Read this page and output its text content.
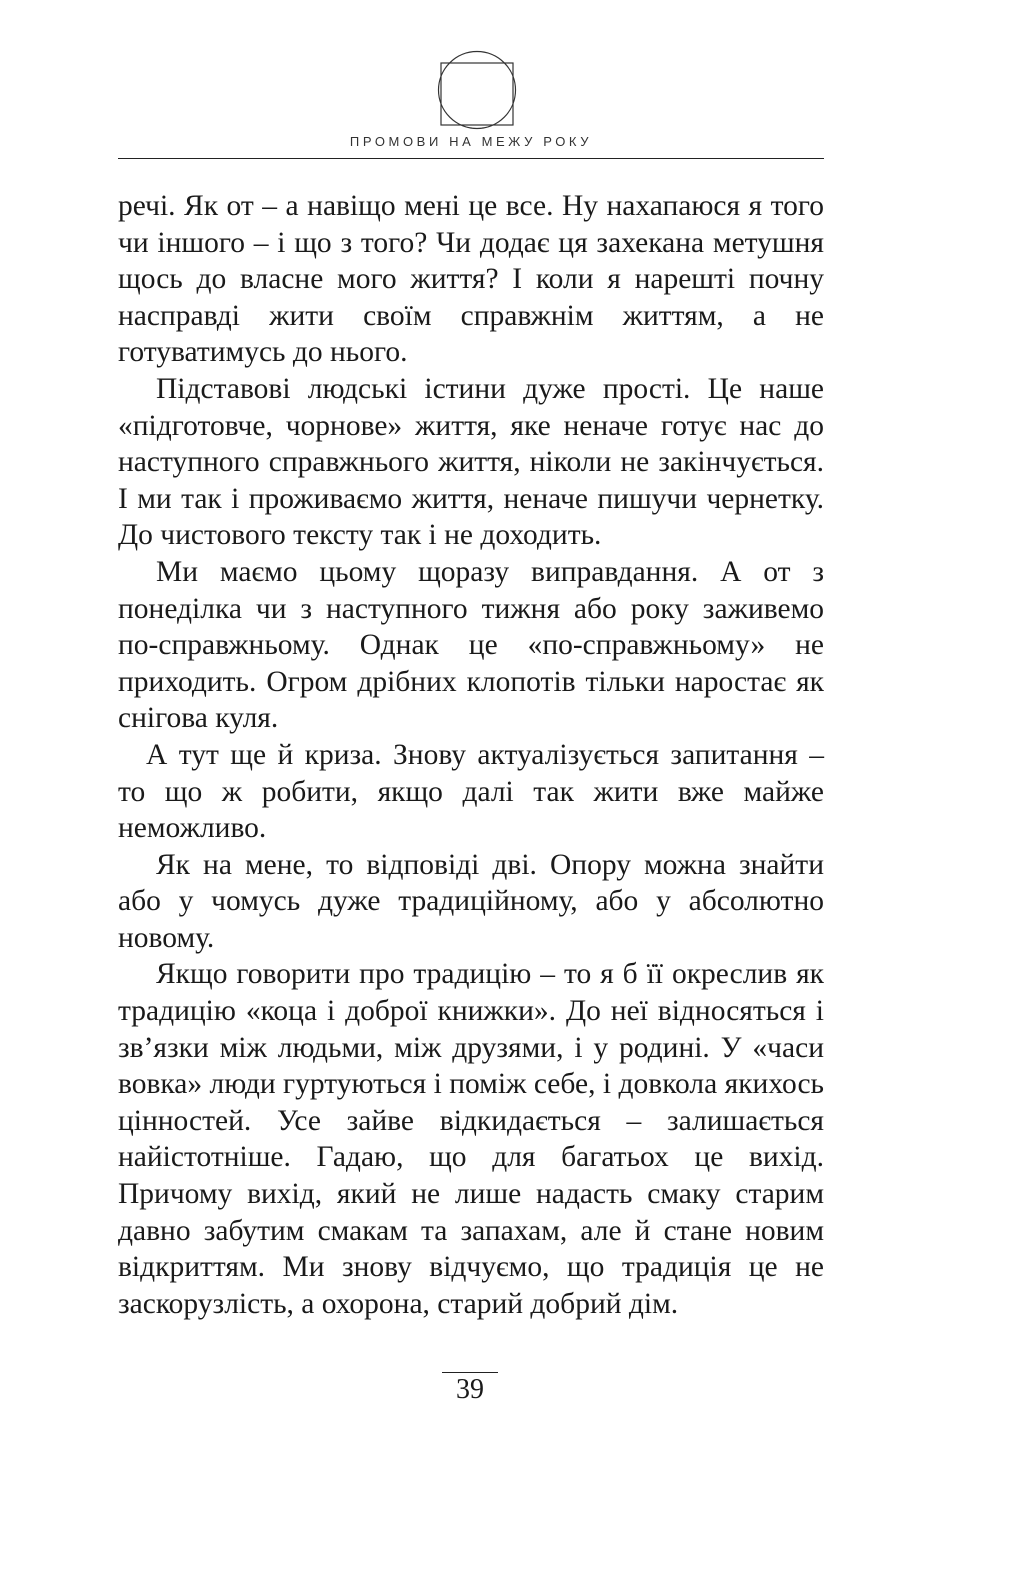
ПРОМОВИ НА МЕЖУ РОКУ

речі. Як от – а навіщо мені це все. Ну нахапаюся я того чи іншого – і що з того? Чи додає ця захекана метушня щось до власне мого життя? І коли я нарешті почну насправді жити своїм справжнім життям, а не готуватимусь до нього.

Підставові людські істини дуже прості. Це наше «підготовче, чорнове» життя, яке неначе готує нас до наступного справжнього життя, ніколи не закінчується. І ми так і проживаємо життя, неначе пишучи чернетку. До чистового тексту так і не доходить.

Ми маємо цьому щоразу виправдання. А от з понеділка чи з наступного тижня або року заживемо по-справжньому. Однак це «по-справжньому» не приходить. Огром дрібних клопотів тільки наростає як снігова куля.

А тут ще й криза. Знову актуалізується запитання – то що ж робити, якщо далі так жити вже майже неможливо.

Як на мене, то відповіді дві. Опору можна знайти або у чомусь дуже традиційному, або у абсолютно новому.

Якщо говорити про традицію – то я б її окреслив як традицію «коца і доброї книжки». До неї відносяться і зв’язки між людьми, між друзями, і у родині. У «часи вовка» люди гуртуються і поміж себе, і довкола якихось цінностей. Усе зайве відкидається – залишається найістотніше. Гадаю, що для багатьох це вихід. Причому вихід, який не лише надасть смаку старим давно забутим смакам та запахам, але й стане новим відкриттям. Ми знову відчуємо, що традиція це не заскорузлість, а охорона, старий добрий дім.

39
